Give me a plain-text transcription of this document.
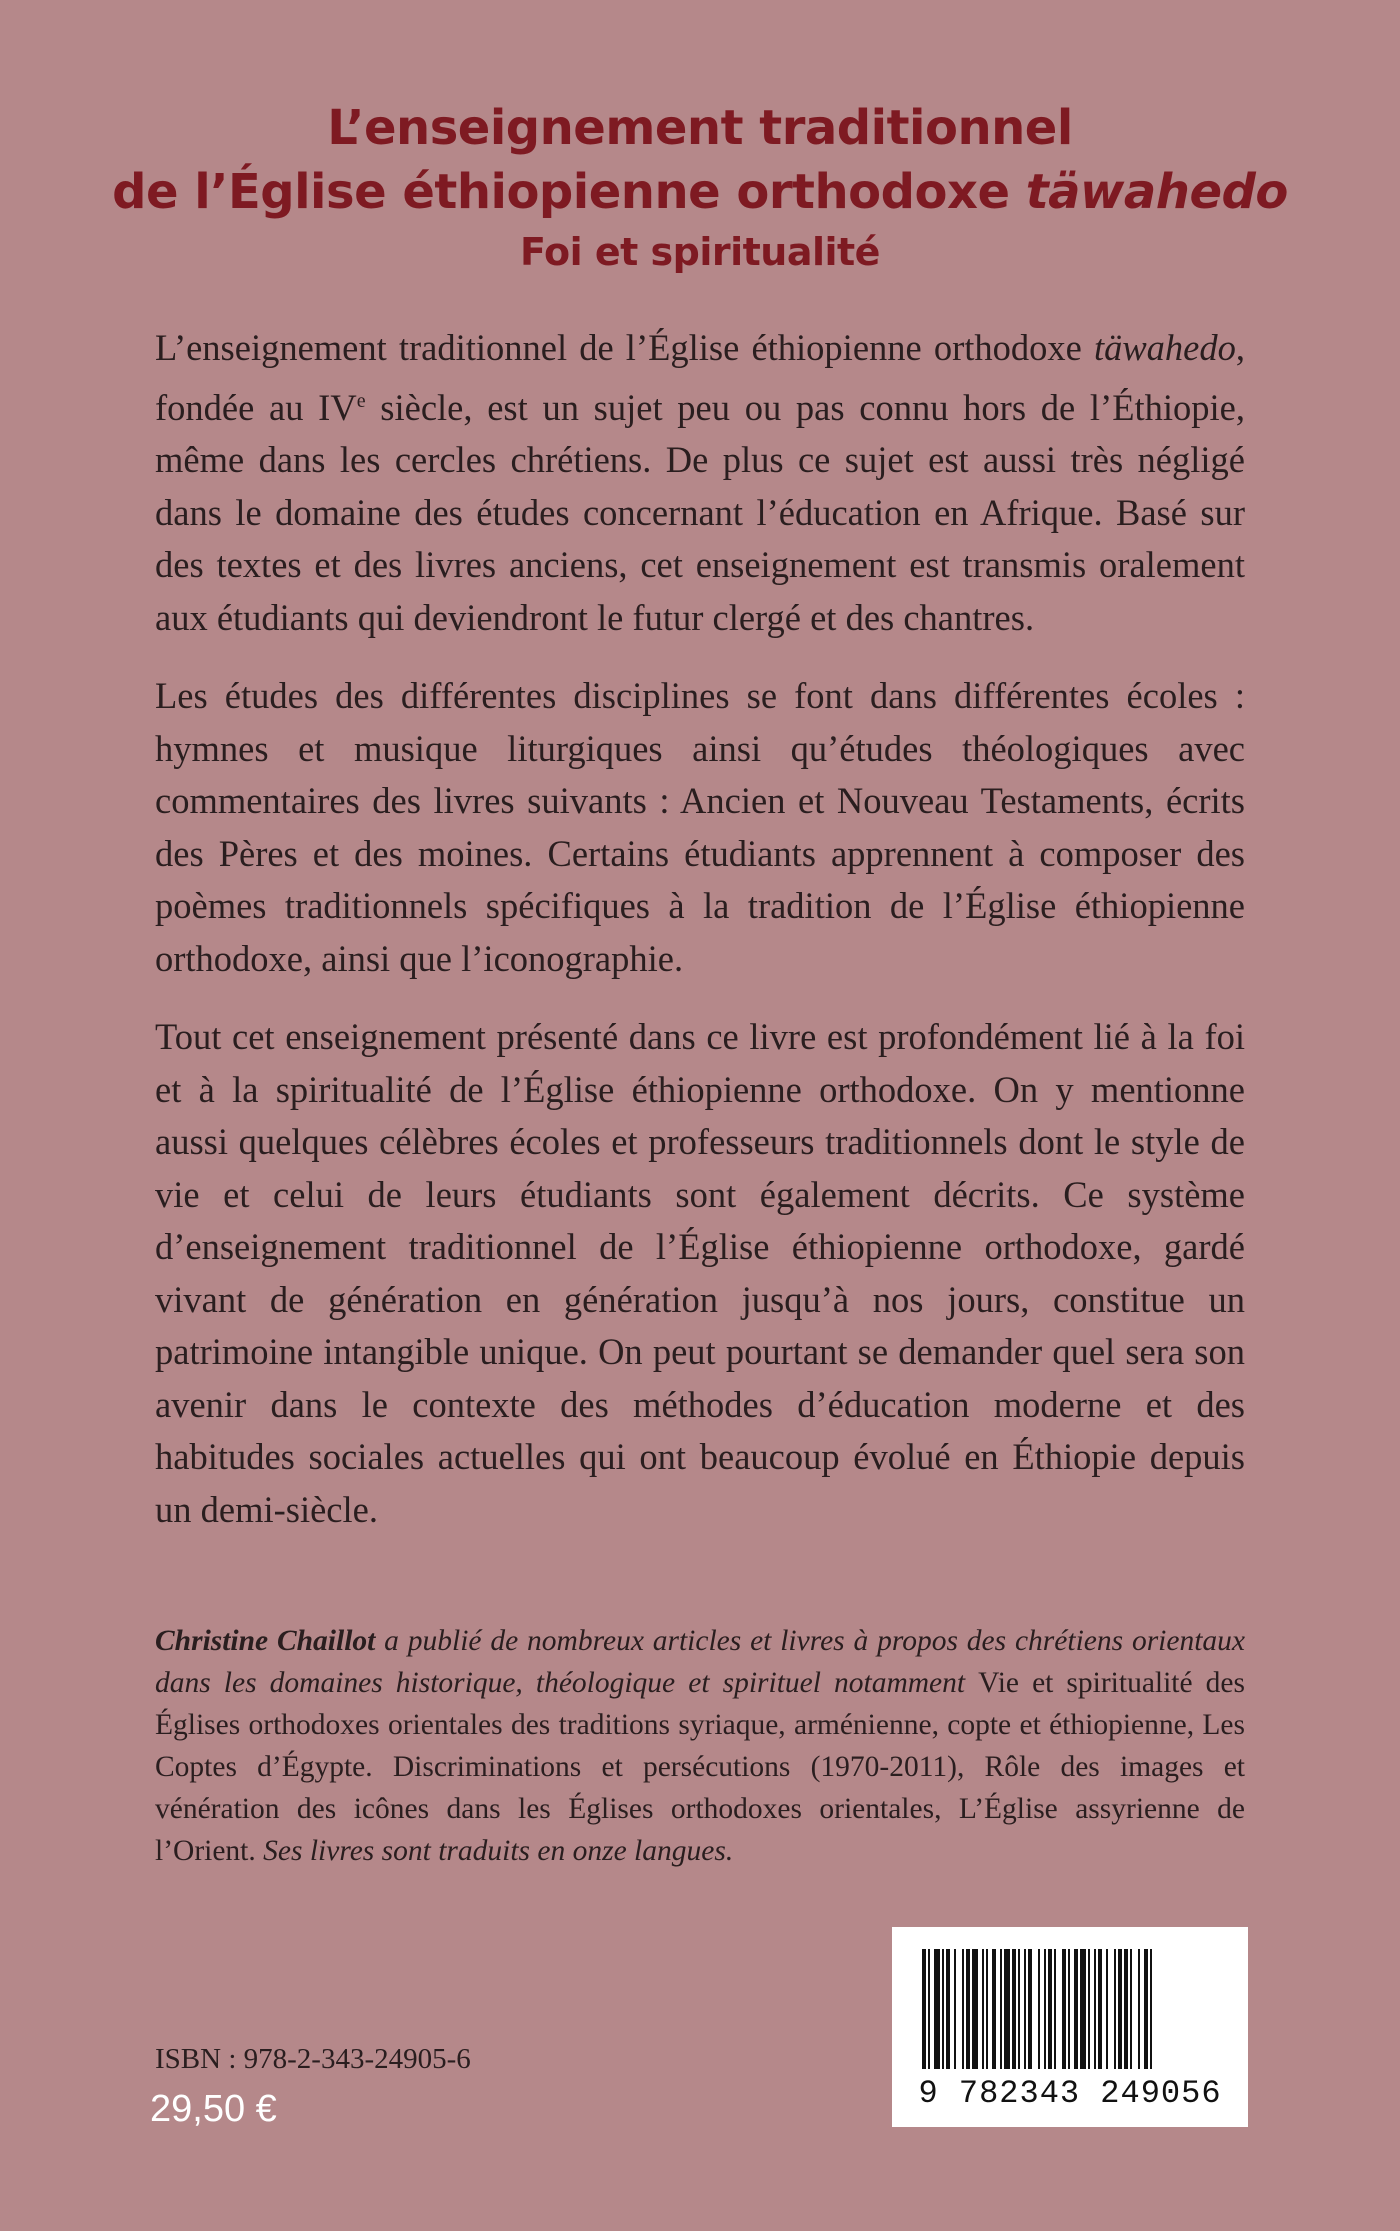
L’enseignement traditionnel
de l’Église éthiopienne orthodoxe täwahedo
Foi et spiritualité

L’enseignement traditionnel de l’Église éthiopienne orthodoxe täwahedo, fondée au IVe siècle, est un sujet peu ou pas connu hors de l’Éthiopie, même dans les cercles chrétiens. De plus ce sujet est aussi très négligé dans le domaine des études concernant l’éducation en Afrique. Basé sur des textes et des livres anciens, cet enseignement est transmis oralement aux étudiants qui deviendront le futur clergé et des chantres.

Les études des différentes disciplines se font dans différentes écoles : hymnes et musique liturgiques ainsi qu’études théologiques avec commentaires des livres suivants : Ancien et Nouveau Testaments, écrits des Pères et des moines. Certains étudiants apprennent à composer des poèmes traditionnels spécifiques à la tradition de l’Église éthiopienne orthodoxe, ainsi que l’iconographie.

Tout cet enseignement présenté dans ce livre est profondément lié à la foi et à la spiritualité de l’Église éthiopienne orthodoxe. On y mentionne aussi quelques célèbres écoles et professeurs traditionnels dont le style de vie et celui de leurs étudiants sont également décrits. Ce système d’enseignement traditionnel de l’Église éthiopienne orthodoxe, gardé vivant de génération en génération jusqu’à nos jours, constitue un patrimoine intangible unique. On peut pourtant se demander quel sera son avenir dans le contexte des méthodes d’éducation moderne et des habitudes sociales actuelles qui ont beaucoup évolué en Éthiopie depuis un demi-siècle.

Christine Chaillot a publié de nombreux articles et livres à propos des chrétiens orientaux dans les domaines historique, théologique et spirituel notamment Vie et spiritualité des Églises orthodoxes orientales des traditions syriaque, arménienne, copte et éthiopienne, Les Coptes d’Égypte. Discriminations et persécutions (1970-2011), Rôle des images et vénération des icônes dans les Églises orthodoxes orientales, L’Église assyrienne de l’Orient. Ses livres sont traduits en onze langues.

ISBN : 978-2-343-24905-6
29,50 €	9 782343 249056
